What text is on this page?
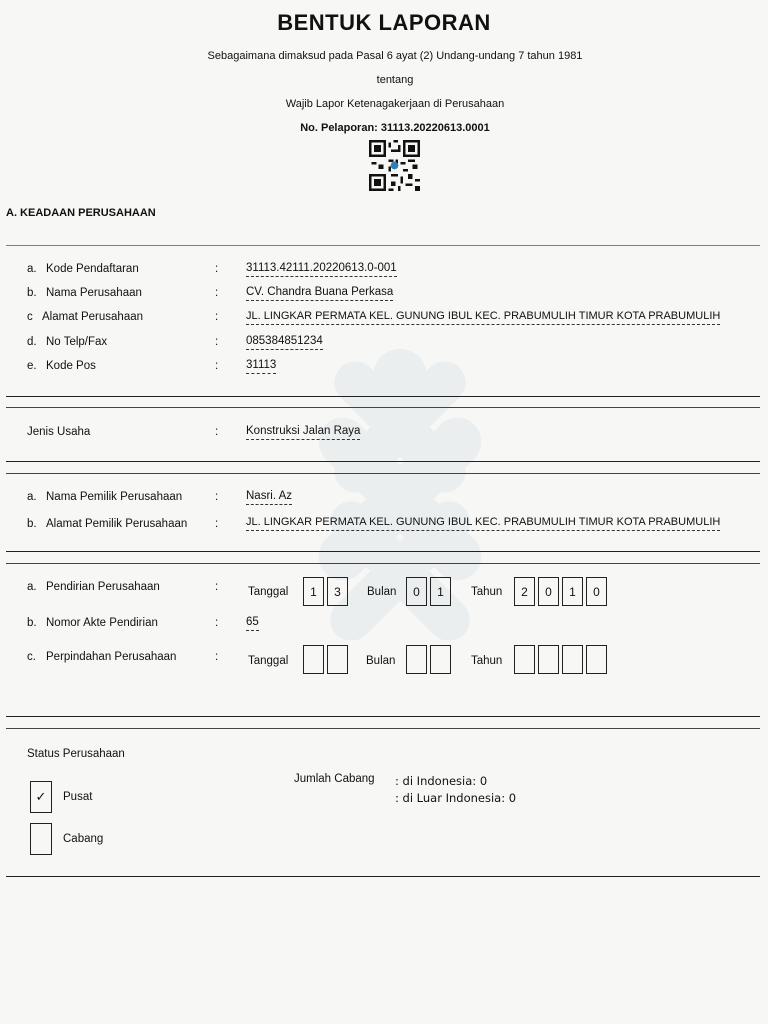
BENTUK LAPORAN
Sebagaimana dimaksud pada Pasal 6 ayat (2) Undang-undang 7 tahun 1981
tentang
Wajib Lapor Ketenagakerjaan di Perusahaan
No. Pelaporan: 31113.20220613.0001
A. KEADAAN PERUSAHAAN
a. Kode Pendaftaran	: 31113.42111.20220613.0-001
b. Nama Perusahaan	: CV. Chandra Buana Perkasa
c Alamat Perusahaan	:	JL. LINGKAR PERMATA KEL. GUNUNG IBUL KEC. PRABUMULIH TIMUR KOTA PRABUMULIH
d. No Telp/Fax	: 085384851234
e. Kode Pos	: 31113
Jenis Usaha	: Konstruksi Jalan Raya
a. Nama Pemilik Perusahaan	: Nasri. Az
b. Alamat Pemilik Perusahaan :	JL. LINGKAR PERMATA KEL. GUNUNG IBUL KEC. PRABUMULIH TIMUR KOTA PRABUMULIH
a. Pendirian Perusahaan	:	Tanggal	1	3	Bulan	0	1	Tahun	2	0	1	0
b. Nomor Akte Pendirian	: 65
c. Perpindahan Perusahaan	:	Tanggal	Bulan	Tahun
Status Perusahaan
Jumlah Cabang : di Indonesia: 0
: di Luar Indonesia: 0
✓ Pusat
Cabang
